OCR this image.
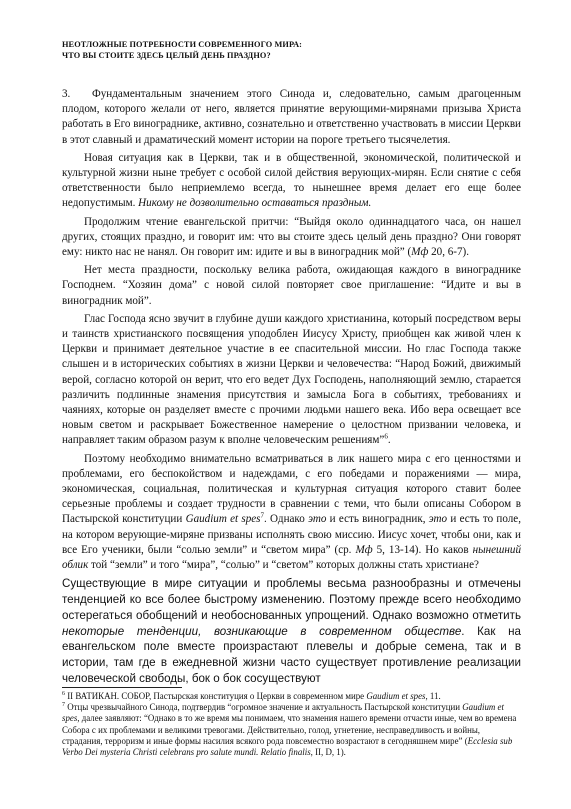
НЕОТЛОЖНЫЕ ПОТРЕБНОСТИ СОВРЕМЕННОГО МИРА:
ЧТО ВЫ СТОИТЕ ЗДЕСЬ ЦЕЛЫЙ ДЕНЬ ПРАЗДНО?

3. Фундаментальным значением этого Синода и, следовательно, самым драгоценным плодом, которого желали от него, является принятие верующими-мирянами призыва Христа работать в Его винограднике, активно, сознательно и ответственно участвовать в миссии Церкви в этот славный и драматический момент истории на пороге третьего тысячелетия.

Новая ситуация как в Церкви, так и в общественной, экономической, политической и культурной жизни ныне требует с особой силой действия верующих-мирян. Если снятие с себя ответственности было неприемлемо всегда, то нынешнее время делает его еще более недопустимым. Никому не дозволительно оставаться праздным.

Продолжим чтение евангельской притчи: “Выйдя около одиннадцатого часа, он нашел других, стоящих праздно, и говорит им: что вы стоите здесь целый день праздно? Они говорят ему: никто нас не нанял. Он говорит им: идите и вы в виноградник мой” (Мф 20, 6-7).

Нет места праздности, поскольку велика работа, ожидающая каждого в винограднике Господнем. “Хозяин дома” с новой силой повторяет свое приглашение: “Идите и вы в виноградник мой”.

Глас Господа ясно звучит в глубине души каждого христианина, который посредством веры и таинств христианского посвящения уподоблен Иисусу Христу, приобщен как живой член к Церкви и принимает деятельное участие в ее спасительной миссии. Но глас Господа также слышен и в исторических событиях в жизни Церкви и человечества: “Народ Божий, движимый верой, согласно которой он верит, что его ведет Дух Господень, наполняющий землю, старается различить подлинные знамения присутствия и замысла Бога в событиях, требованиях и чаяниях, которые он разделяет вместе с прочими людьми нашего века. Ибо вера освещает все новым светом и раскрывает Божественное намерение о целостном призвании человека, и направляет таким образом разум к вполне человеческим решениям”$^6$.

Поэтому необходимо внимательно всматриваться в лик нашего мира с его ценностями и проблемами, его беспокойством и надеждами, с его победами и поражениями — мира, экономическая, социальная, политическая и культурная ситуация которого ставит более серьезные проблемы и создает трудности в сравнении с теми, что были описаны Собором в Пастырской конституции Gaudium et spes$^7$. Однако это и есть виноградник, это и есть то поле, на котором верующие-миряне призваны исполнять свою миссию. Иисус хочет, чтобы они, как и все Его ученики, были “солью земли” и “светом мира” (ср. Мф 5, 13-14). Но каков нынешний облик той “земли” и того “мира”, “солью” и “светом” которых должны стать христиане?

Существующие в мире ситуации и проблемы весьма разнообразны и отмечены тенденцией ко все более быстрому изменению. Поэтому прежде всего необходимо остерегаться обобщений и необоснованных упрощений. Однако возможно отметить некоторые тенденции, возникающие в современном обществе. Как на евангельском поле вместе произрастают плевелы и добрые семена, так и в истории, там где в ежедневной жизни часто существует противление реализации человеческой свободы, бок о бок сосуществуют

$^6$ II ВАТИКАН. СОБОР, Пастырская конституция о Церкви в современном мире Gaudium et spes, 11.

$^7$ Отцы чрезвычайного Синода, подтвердив “огромное значение и актуальность Пастырской конституции Gaudium et spes, далее заявляют: “Однако в то же время мы понимаем, что знамения нашего времени отчасти иные, чем во времена Собора с их проблемами и великими тревогами. Действительно, голод, угнетение, несправедливость и войны, страдания, терроризм и иные формы насилия всякого рода повсеместно возрастают в сегодняшнем мире” (Ecclesia sub Verbo Dei mysteria Christi celebrans pro salute mundi. Relatio finalis, II, D, 1).
